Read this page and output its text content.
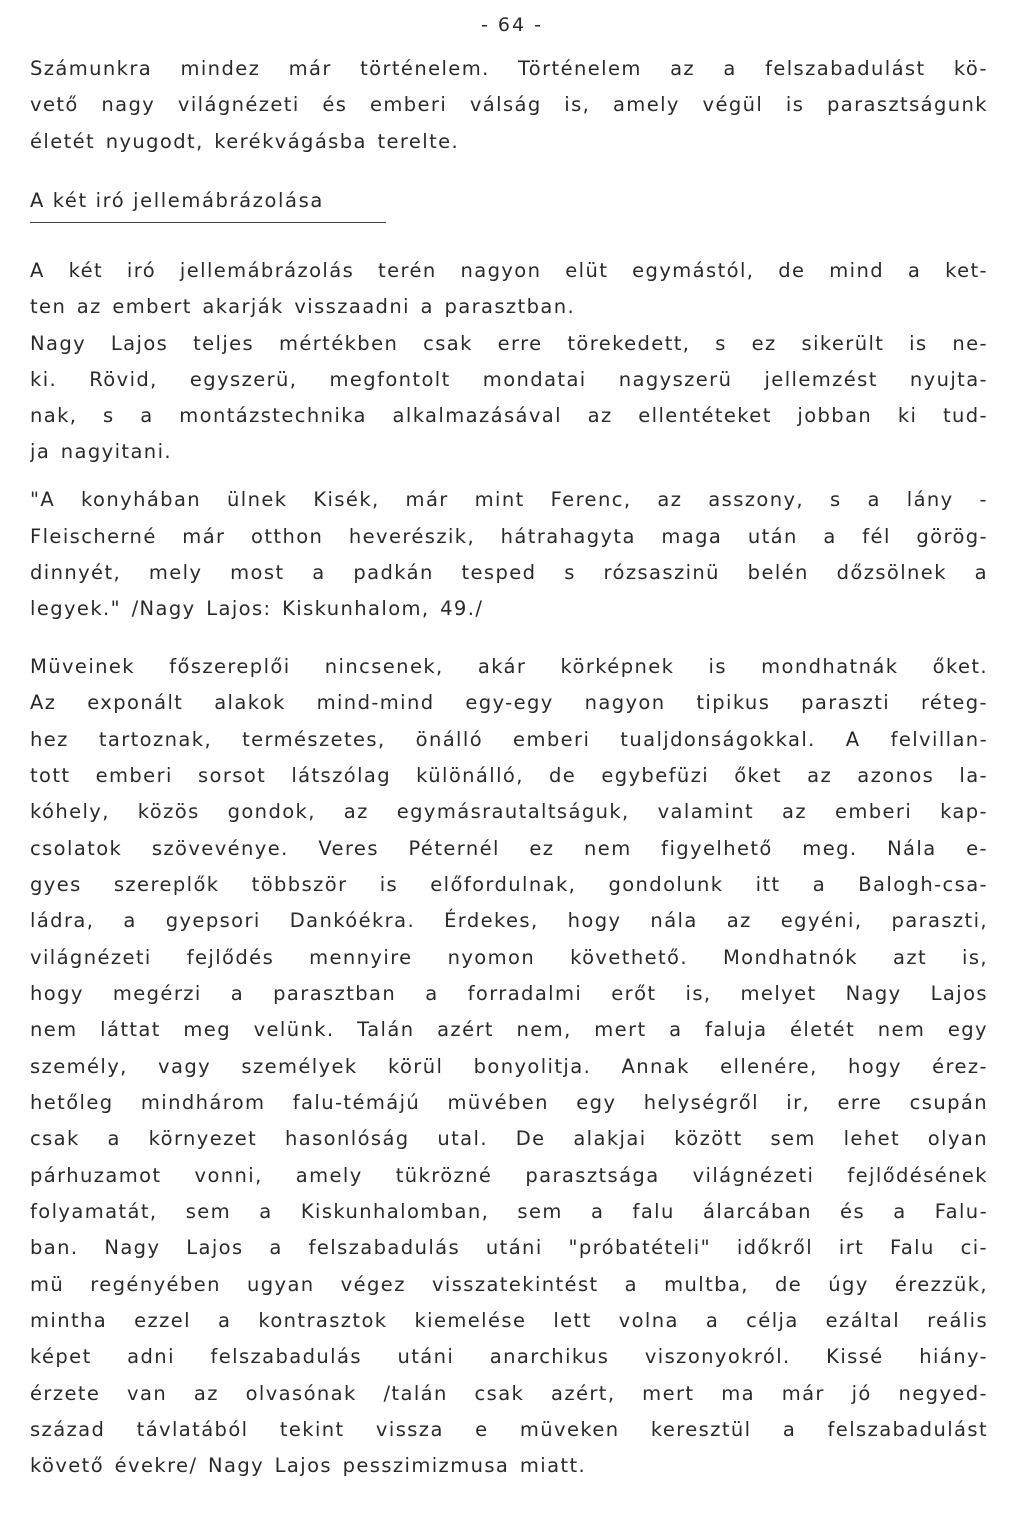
- 64 -
Számunkra mindez már történelem. Történelem az a felszabadulást kö-
vető nagy világnézeti és emberi válság is, amely végül is parasztságunk
életét nyugodt, kerékvágásba terelte.
A két iró jellemábrázolása
A két iró jellemábrázolás terén nagyon elüt egymástól, de mind a ket-
ten az embert akarják visszaadni a parasztban.
Nagy Lajos teljes mértékben csak erre törekedett, s ez sikerült is ne-
ki. Rövid, egyszerü, megfontolt mondatai nagyszerü jellemzést nyujta-
nak, s a montázstechnika alkalmazásával az ellentéteket jobban ki tud-
ja nagyitani.
"A konyhában ülnek Kisék, már mint Ferenc, az asszony, s a lány -
Fleischerné már otthon heverészik, hátrahagyta maga után a fél görög-
dinnyét, mely most a padkán tesped s rózsaszinü belén dőzsölnek a
legyek." /Nagy Lajos: Kiskunhalom, 49./
Müveinek főszereplői nincsenek, akár körképnek is mondhatnák őket.
Az exponált alakok mind-mind egy-egy nagyon tipikus paraszti réteg-
hez tartoznak, természetes, önálló emberi tualjdonságokkal. A felvillan-
tott emberi sorsot látszólag különálló, de egybefüzi őket az azonos la-
kóhely, közös gondok, az egymásrautaltságuk, valamint az emberi kap-
csolatok szövevénye. Veres Péternél ez nem figyelhető meg. Nála e-
gyes szereplők többször is előfordulnak, gondolunk itt a Balogh-csa-
ládra, a gyepsori Dankóékra. Érdekes, hogy nála az egyéni, paraszti,
világnézeti fejlődés mennyire nyomon követhető. Mondhatnók azt is,
hogy megérzi a parasztban a forradalmi erőt is, melyet Nagy Lajos
nem láttat meg velünk. Talán azért nem, mert a faluja életét nem egy
személy, vagy személyek körül bonyolitja. Annak ellenére, hogy érez-
hetőleg mindhárom falu-témájú müvében egy helységről ir, erre csupán
csak a környezet hasonlóság utal. De alakjai között sem lehet olyan
párhuzamot vonni, amely tükrözné parasztsága világnézeti fejlődésének
folyamatát, sem a Kiskunhalomban, sem a falu álarcában és a Falu-
ban. Nagy Lajos a felszabadulás utáni "próbatételi" időkről irt Falu ci-
mü regényében ugyan végez visszatekintést a multba, de úgy érezzük,
mintha ezzel a kontrasztok kiemelése lett volna a célja ezáltal reális
képet adni felszabadulás utáni anarchikus viszonyokról. Kissé hiány-
érzete van az olvasónak /talán csak azért, mert ma már jó negyed-
század távlatából tekint vissza e müveken keresztül a felszabadulást
követő évekre/ Nagy Lajos pesszimizmusa miatt.
